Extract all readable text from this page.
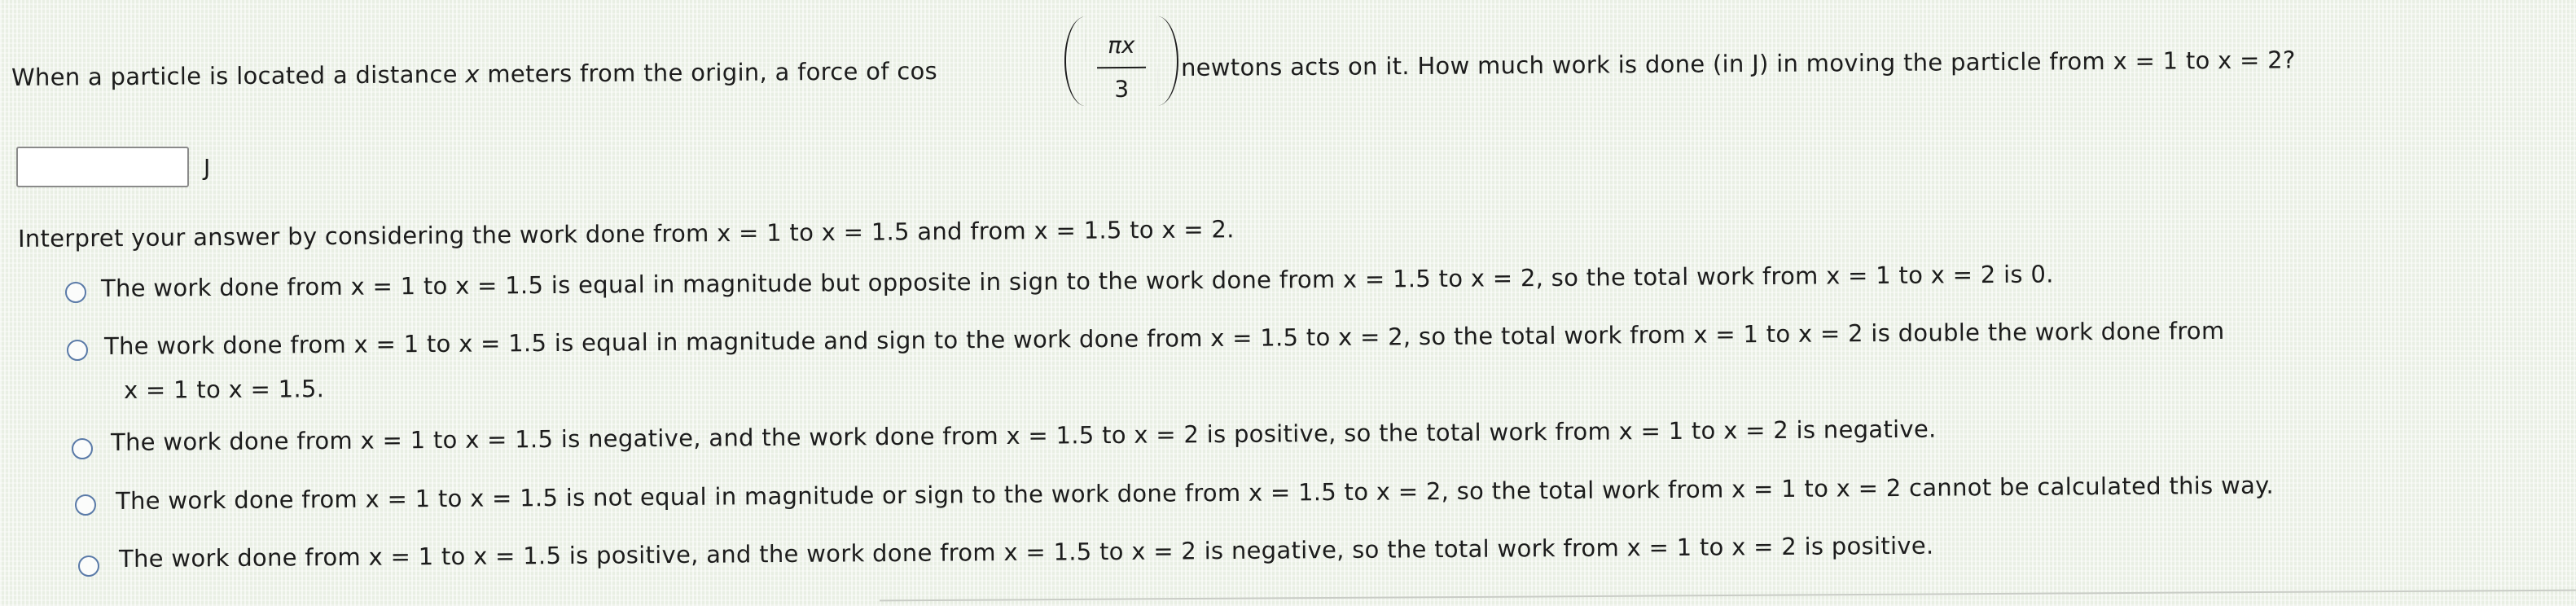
When a particle is located a distance x meters from the origin, a force of cos
πx
3
newtons acts on it. How much work is done (in J) in moving the particle from x = 1 to x = 2?
J
Interpret your answer by considering the work done from x = 1 to x = 1.5 and from x = 1.5 to x = 2.
The work done from x = 1 to x = 1.5 is equal in magnitude but opposite in sign to the work done from x = 1.5 to x = 2, so the total work from x = 1 to x = 2 is 0.
The work done from x = 1 to x = 1.5 is equal in magnitude and sign to the work done from x = 1.5 to x = 2, so the total work from x = 1 to x = 2 is double the work done from
x = 1 to x = 1.5.
The work done from x = 1 to x = 1.5 is negative, and the work done from x = 1.5 to x = 2 is positive, so the total work from x = 1 to x = 2 is negative.
The work done from x = 1 to x = 1.5 is not equal in magnitude or sign to the work done from x = 1.5 to x = 2, so the total work from x = 1 to x = 2 cannot be calculated this way.
The work done from x = 1 to x = 1.5 is positive, and the work done from x = 1.5 to x = 2 is negative, so the total work from x = 1 to x = 2 is positive.
